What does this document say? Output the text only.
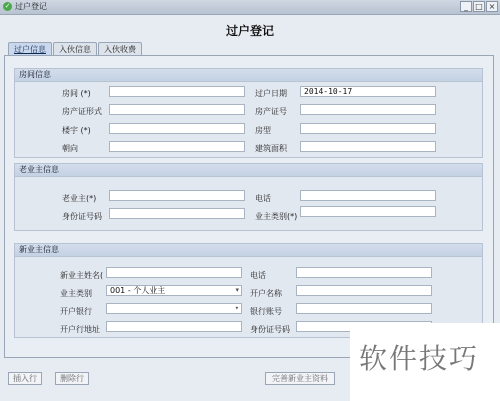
✓ 过户登记	_ □ ×
过户登记
过户信息	入伙信息	入伙收费
房间信息
房间 (*)	过户日期	2014-10-17
房产证形式	房产证号
楼宇 (*)	房型
朝向	建筑面积
老业主信息
老业主(*)	电话
身份证号码	业主类别(*)
新业主信息
新业主姓名(	电话
业主类别	001 - 个人业主 ▾	开户名称
开户银行
▾	银行账号
开户行地址	身份证号码
插入行	删除行	完善新业主资料
软件技巧
